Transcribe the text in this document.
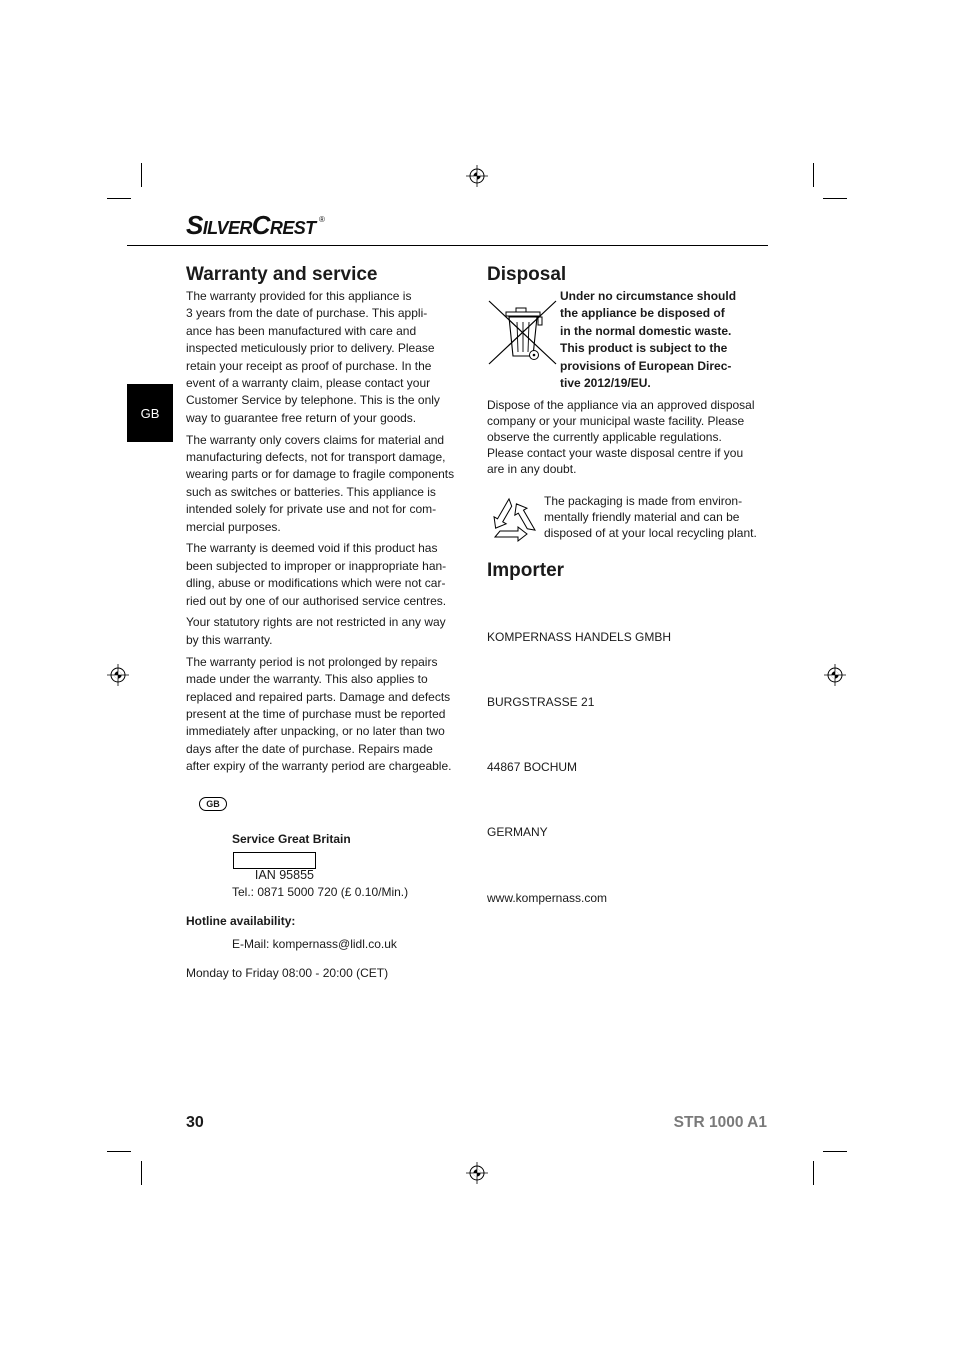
SilverCrest ®
GB
Warranty and service

The warranty provided for this appliance is
3 years from the date of purchase. This appli-
ance has been manufactured with care and
inspected meticulously prior to delivery. Please
retain your receipt as proof of purchase. In the
event of a warranty claim, please contact your
Customer Service by telephone. This is the only
way to guarantee free return of your goods.

The warranty only covers claims for material and
manufacturing defects, not for transport damage,
wearing parts or for damage to fragile components
such as switches or batteries. This appliance is
intended solely for private use and not for com-
mercial purposes.

The warranty is deemed void if this product has
been subjected to improper or inappropriate han-
dling, abuse or modifications which were not car-
ried out by one of our authorised service centres.

Your statutory rights are not restricted in any way
by this warranty.

The warranty period is not prolonged by repairs
made under the warranty. This also applies to
replaced and repaired parts. Damage and defects
present at the time of purchase must be reported
immediately after unpacking, or no later than two
days after the date of purchase. Repairs made
after expiry of the warranty period are chargeable.

GB

Service Great Britain

Tel.: 0871 5000 720 (£ 0.10/Min.)

E-Mail: kompernass@lidl.co.uk

IAN 95855

Hotline availability:

Monday to Friday 08:00 - 20:00 (CET)

Disposal

Under no circumstance should
the appliance be disposed of
in the normal domestic waste.
This product is subject to the
provisions of European Direc-
tive 2012/19/EU.

Dispose of the appliance via an approved disposal
company or your municipal waste facility. Please
observe the currently applicable regulations.
Please contact your waste disposal centre if you
are in any doubt.

The packaging is made from environ-
mentally friendly material and can be
disposed of at your local recycling plant.

Importer

KOMPERNASS HANDELS GMBH

BURGSTRASSE 21

44867 BOCHUM

GERMANY

www.kompernass.com

30	STR 1000 A1
